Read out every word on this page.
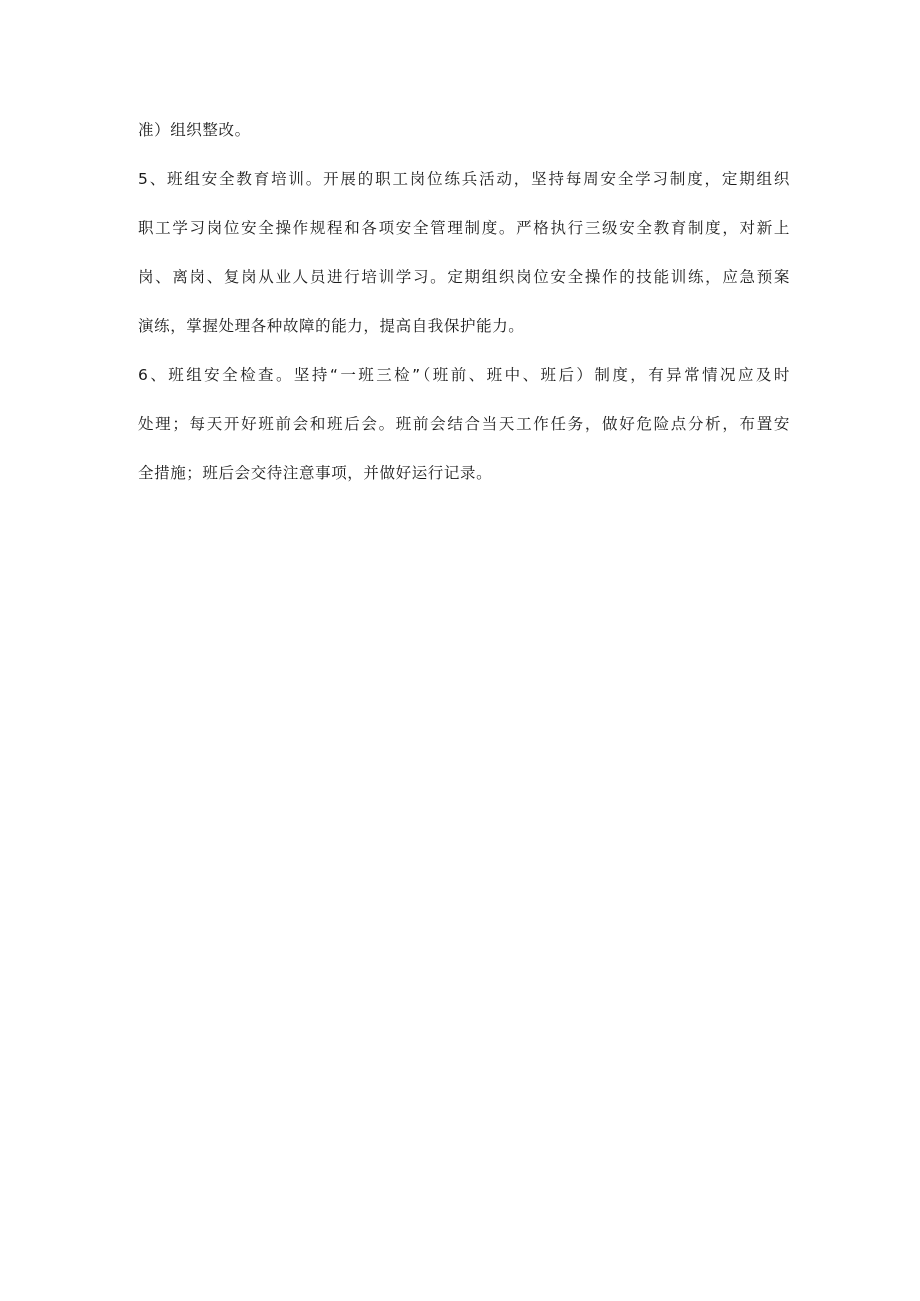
准）组织整改。
5、班组安全教育培训。开展的职工岗位练兵活动，坚持每周安全学习制度，定期组织
职工学习岗位安全操作规程和各项安全管理制度。严格执行三级安全教育制度，对新上
岗、离岗、复岗从业人员进行培训学习。定期组织岗位安全操作的技能训练，应急预案
演练，掌握处理各种故障的能力，提高自我保护能力。
6、班组安全检查。坚持“一班三检”（班前、班中、班后）制度，有异常情况应及时
处理；每天开好班前会和班后会。班前会结合当天工作任务，做好危险点分析，布置安
全措施；班后会交待注意事项，并做好运行记录。
